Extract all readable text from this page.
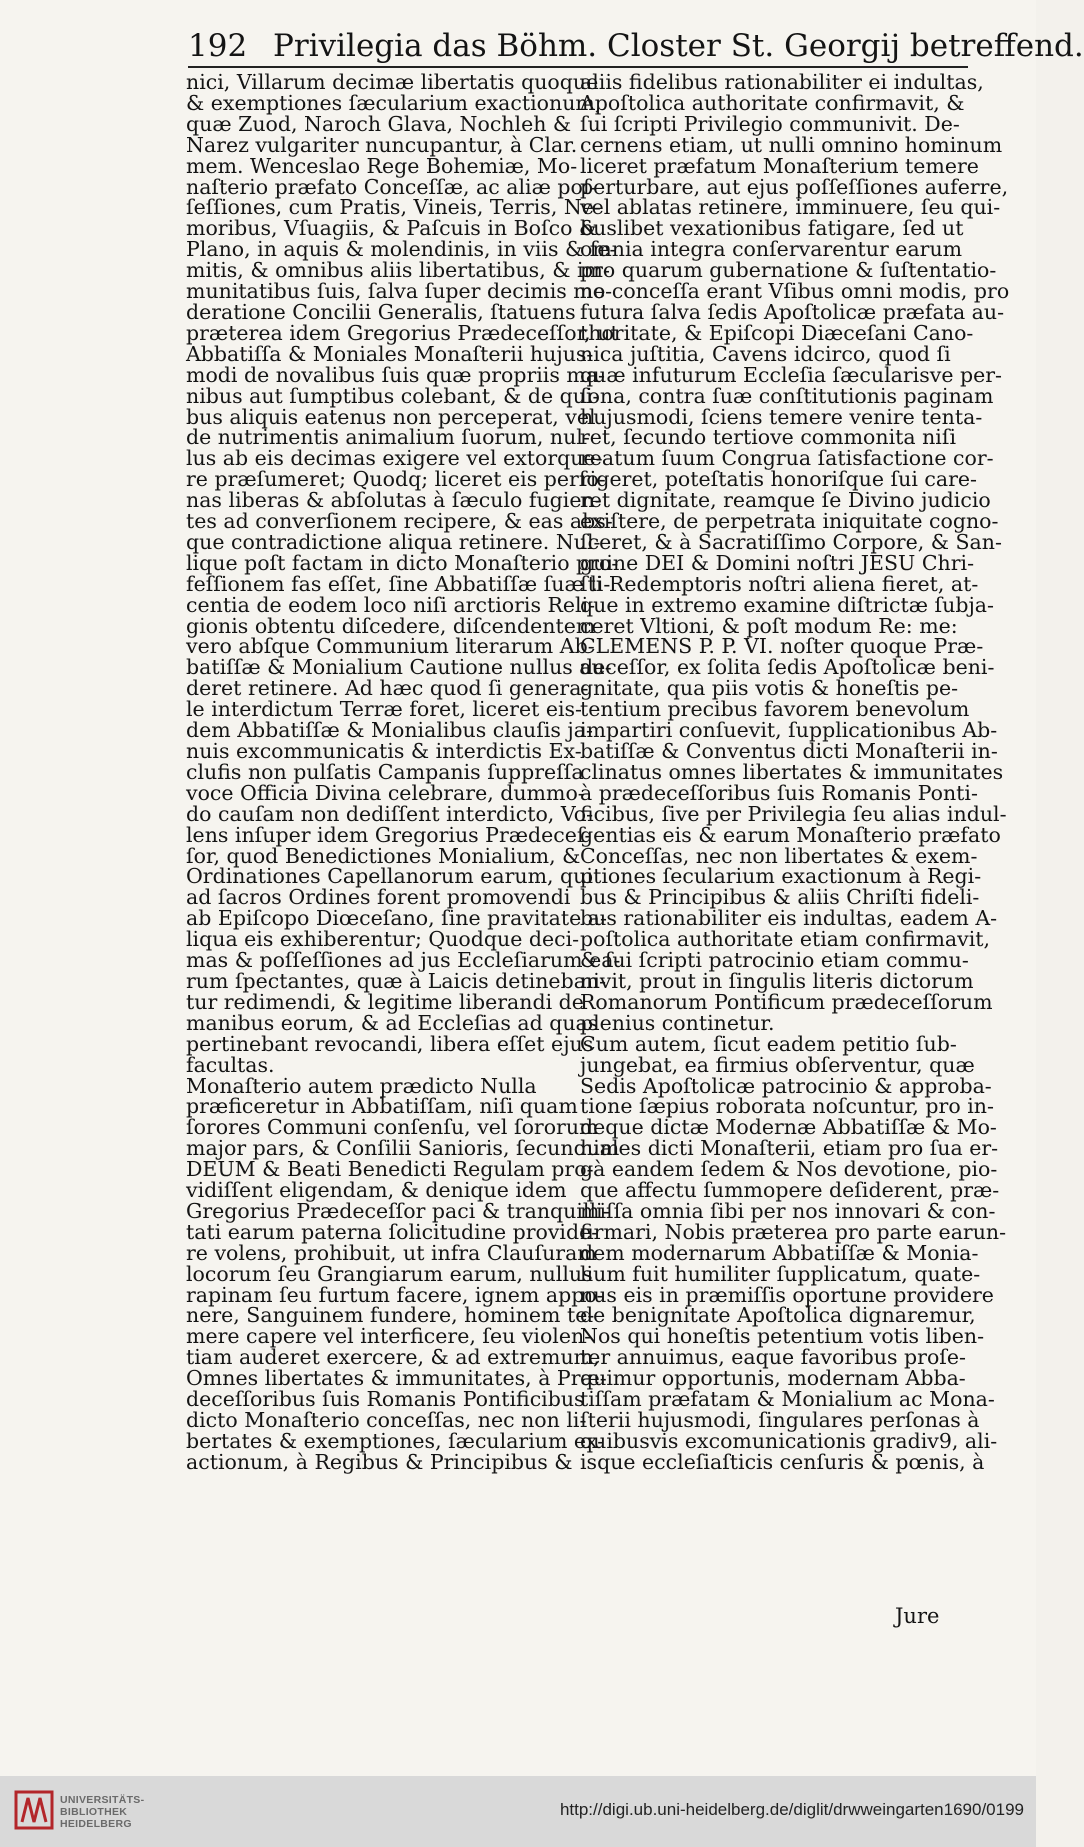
192 Privilegia das Böhm. Closter St. Georgij betreffend.
nici, Villarum decimæ libertatis quoque
& exemptiones ſæcularium exactionum,
quæ Zuod, Naroch Glava, Nochleh &
Narez vulgariter nuncupantur, à Clar.
mem. Wenceslao Rege Bohemiæ, Mo-
naſterio præfato Conceſſæ, ac aliæ poſ-
ſeſſiones, cum Pratis, Vineis, Terris, Ne-
moribus, Vſuagiis, & Paſcuis in Boſco &
Plano, in aquis & molendinis, in viis & ſe-
mitis, & omnibus aliis libertatibus, & im-
munitatibus ſuis, ſalva ſuper decimis mo-
deratione Concilii Generalis, ſtatuens
præterea idem Gregorius Prædeceſſor, ut
Abbatiſſa & Moniales Monaſterii hujus-
modi de novalibus ſuis quæ propriis ma-
nibus aut ſumptibus colebant, & de qui-
bus aliquis eatenus non perceperat, vel
de nutrimentis animalium ſuorum, nul-
lus ab eis decimas exigere vel extorque-
re præſumeret; Quodq; liceret eis perſo-
nas liberas & abſolutas à ſæculo fugien-
tes ad converſionem recipere, & eas abs-
que contradictione aliqua retinere. Nul-
lique poſt factam in dicto Monaſterio pro-
feſſionem fas eſſet, ſine Abbatiſſæ ſuæ li-
centia de eodem loco niſi arctioris Reli-
gionis obtentu diſcedere, diſcendentem
vero abſque Communium literarum Ab-
batiſſæ & Monialium Cautione nullus au-
deret retinere. Ad hæc quod ſi genera-
le interdictum Terræ foret, liceret eis-
dem Abbatiſſæ & Monialibus clauſis ja-
nuis excommunicatis & interdictis Ex-
clufis non pulſatis Campanis ſuppreſſa
voce Officia Divina celebrare, dummo-
do cauſam non dediſſent interdicto, Vo-
lens inſuper idem Gregorius Prædeceſ-
ſor, quod Benedictiones Monialium, &
Ordinationes Capellanorum earum, qui
ad ſacros Ordines forent promovendi
ab Epiſcopo Diœceſano, ſine pravitate a-
liqua eis exhiberentur; Quodque deci-
mas & poſſeſſiones ad jus Eccleſiarum ea-
rum ſpectantes, quæ à Laicis detineban-
tur redimendi, & legitime liberandi de
manibus eorum, & ad Eccleſias ad quas
pertinebant revocandi, libera eſſet ejus
facultas.
Monaſterio autem prædicto Nulla
præficeretur in Abbatiſſam, niſi quam
ſorores Communi conſenſu, vel ſororum
major pars, & Conſilii Sanioris, ſecundum
DEUM & Beati Benedicti Regulam pro-
vidiſſent eligendam, & denique idem
Gregorius Prædeceſſor paci & tranquilli-
tati earum paterna ſolicitudine provide-
re volens, prohibuit, ut infra Clauſuram
locorum ſeu Grangiarum earum, nullus
rapinam ſeu furtum facere, ignem appo-
nere, Sanguinem fundere, hominem te-
mere capere vel interficere, ſeu violen-
tiam auderet exercere, & ad extremum,
Omnes libertates & immunitates, à Præ-
deceſſoribus ſuis Romanis Pontificibus
dicto Monaſterio conceſſas, nec non li-
bertates & exemptiones, ſæcularium ex-
actionum, à Regibus & Principibus &
aliis fidelibus rationabiliter ei indultas,
Apoſtolica authoritate confirmavit, &
ſui ſcripti Privilegio communivit. De-
cernens etiam, ut nulli omnino hominum
liceret præfatum Monaſterium temere
perturbare, aut ejus poſſeſſiones auferre,
vel ablatas retinere, imminuere, ſeu qui-
buslibet vexationibus fatigare, ſed ut
omnia integra conſervarentur earum
pro quarum gubernatione & ſuſtentatio-
ne conceſſa erant Vſibus omni modis, pro
futura ſalva ſedis Apoſtolicæ præfata au-
thoritate, & Epiſcopi Diæceſani Cano-
nica juſtitia, Cavens idcirco, quod ſi
quæ infuturum Eccleſia ſæcularisve per-
ſona, contra ſuæ conſtitutionis paginam
hujusmodi, ſciens temere venire tenta-
ret, ſecundo tertiove commonita niſi
reatum ſuum Congrua ſatisfactione cor-
rigeret, poteſtatis honoriſque ſui care-
ret dignitate, reamque ſe Divino judicio
exiſtere, de perpetrata iniquitate cogno-
ſceret, & à Sacratiſſimo Corpore, & San-
guine DEI & Domini noſtri JESU Chri-
ſti Redemptoris noſtri aliena fieret, at-
que in extremo examine diſtrictæ ſubja-
ceret Vltioni, & poſt modum Re: me:
CLEMENS P. P. VI. noſter quoque Præ-
deceſſor, ex ſolita ſedis Apoſtolicæ beni-
gnitate, qua piis votis & honeſtis pe-
tentium precibus favorem benevolum
impartiri conſuevit, ſupplicationibus Ab-
batiſſæ & Conventus dicti Monaſterii in-
clinatus omnes libertates & immunitates
à prædeceſſoribus ſuis Romanis Ponti-
ficibus, ſive per Privilegia ſeu alias indul-
gentias eis & earum Monaſterio præfato
Conceſſas, nec non libertates & exem-
ptiones ſecularium exactionum à Regi-
bus & Principibus & aliis Chriſti fideli-
bus rationabiliter eis indultas, eadem A-
poſtolica authoritate etiam confirmavit,
& ſui ſcripti patrocinio etiam commu-
nivit, prout in ſingulis literis dictorum
Romanorum Pontificum prædeceſſorum
plenius continetur.
Cum autem, ſicut eadem petitio ſub-
jungebat, ea firmius obſerventur, quæ
Sedis Apoſtolicæ patrocinio & approba-
tione ſæpius roborata noſcuntur, pro in-
deque dictæ Modernæ Abbatiſſæ & Mo-
niales dicti Monaſterii, etiam pro ſua er-
gà eandem ſedem & Nos devotione, pio-
que affectu ſummopere deſiderent, præ-
miſſa omnia ſibi per nos innovari & con-
firmari, Nobis præterea pro parte earun-
dem modernarum Abbatiſſæ & Monia-
lium fuit humiliter ſupplicatum, quate-
nus eis in præmiſſis oportune providere
de benignitate Apoſtolica dignaremur,
Nos qui honeſtis petentium votis liben-
ter annuimus, eaque favoribus proſe-
quimur opportunis, modernam Abba-
tiſſam præfatam & Monialium ac Mona-
ſterii hujusmodi, ſingulares perſonas à
quibusvis excomunicationis gradiv9, ali-
isque eccleſiaſticis cenſuris & pœnis, à
Jure
UNIVERSITÄTS-
BIBLIOTHEK
HEIDELBERG
http://digi.ub.uni-heidelberg.de/diglit/drwweingarten1690/0199
